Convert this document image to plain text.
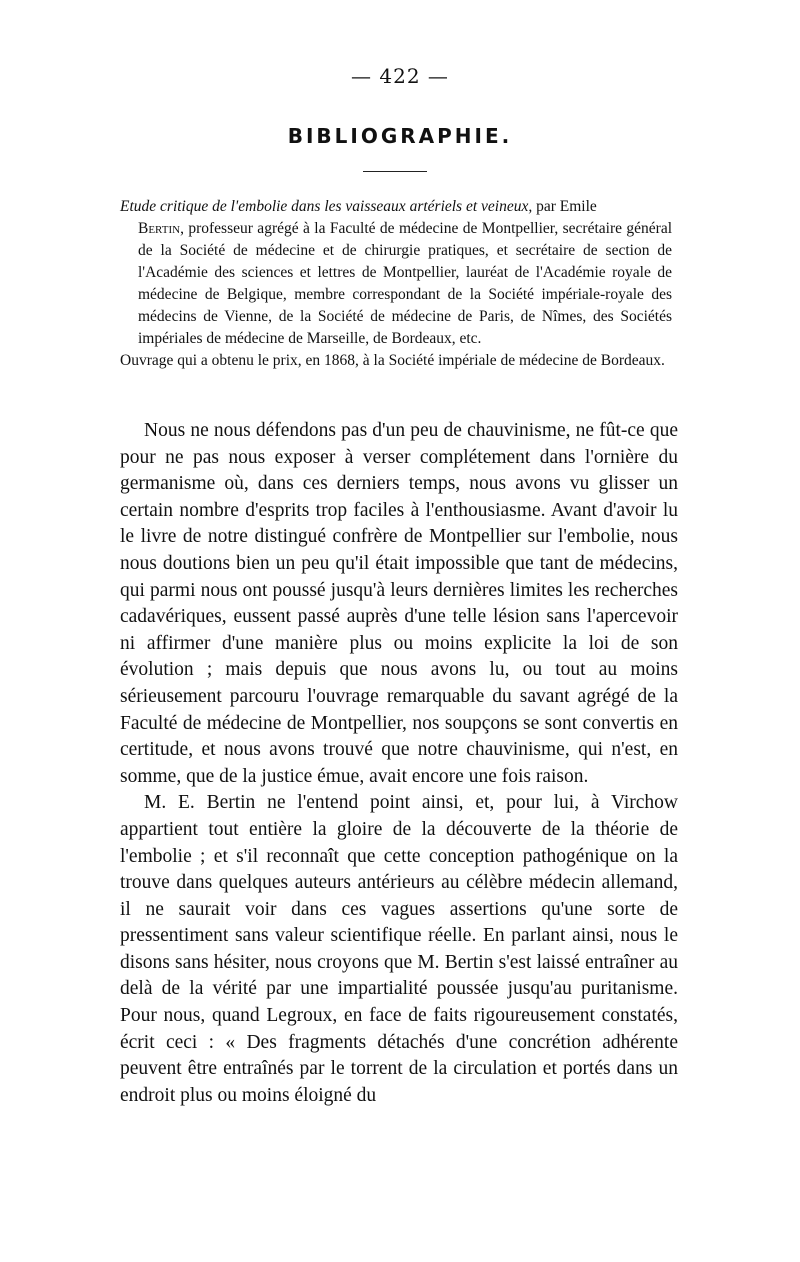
— 422 —
BIBLIOGRAPHIE.

Etude critique de l'embolie dans les vaisseaux artériels et veineux, par Emile
Bertin, professeur agrégé à la Faculté de médecine de Montpellier, secrétaire général de la Société de médecine et de chirurgie pratiques, et secrétaire de section de l'Académie des sciences et lettres de Montpellier, lauréat de l'Académie royale de médecine de Belgique, membre correspondant de la Société impériale-royale des médecins de Vienne, de la Société de médecine de Paris, de Nîmes, des Sociétés impériales de médecine de Marseille, de Bordeaux, etc.

Ouvrage qui a obtenu le prix, en 1868, à la Société impériale de médecine de Bordeaux.

Nous ne nous défendons pas d'un peu de chauvinisme, ne fût-ce que pour ne pas nous exposer à verser complétement dans l'ornière du germanisme où, dans ces derniers temps, nous avons vu glisser un certain nombre d'esprits trop faciles à l'enthousiasme. Avant d'avoir lu le livre de notre distingué confrère de Montpellier sur l'embolie, nous nous doutions bien un peu qu'il était impossible que tant de médecins, qui parmi nous ont poussé jusqu'à leurs dernières limites les recherches cadavériques, eussent passé auprès d'une telle lésion sans l'apercevoir ni affirmer d'une manière plus ou moins explicite la loi de son évolution ; mais depuis que nous avons lu, ou tout au moins sérieusement parcouru l'ouvrage remarquable du savant agrégé de la Faculté de médecine de Montpellier, nos soupçons se sont convertis en certitude, et nous avons trouvé que notre chauvinisme, qui n'est, en somme, que de la justice émue, avait encore une fois raison.

M. E. Bertin ne l'entend point ainsi, et, pour lui, à Virchow appartient tout entière la gloire de la découverte de la théorie de l'embolie ; et s'il reconnaît que cette conception pathogénique on la trouve dans quelques auteurs antérieurs au célèbre médecin allemand, il ne saurait voir dans ces vagues assertions qu'une sorte de pressentiment sans valeur scientifique réelle. En parlant ainsi, nous le disons sans hésiter, nous croyons que M. Bertin s'est laissé entraîner au delà de la vérité par une impartialité poussée jusqu'au puritanisme. Pour nous, quand Legroux, en face de faits rigoureusement constatés, écrit ceci : « Des fragments détachés d'une concrétion adhérente peuvent être entraînés par le torrent de la circulation et portés dans un endroit plus ou moins éloigné du
